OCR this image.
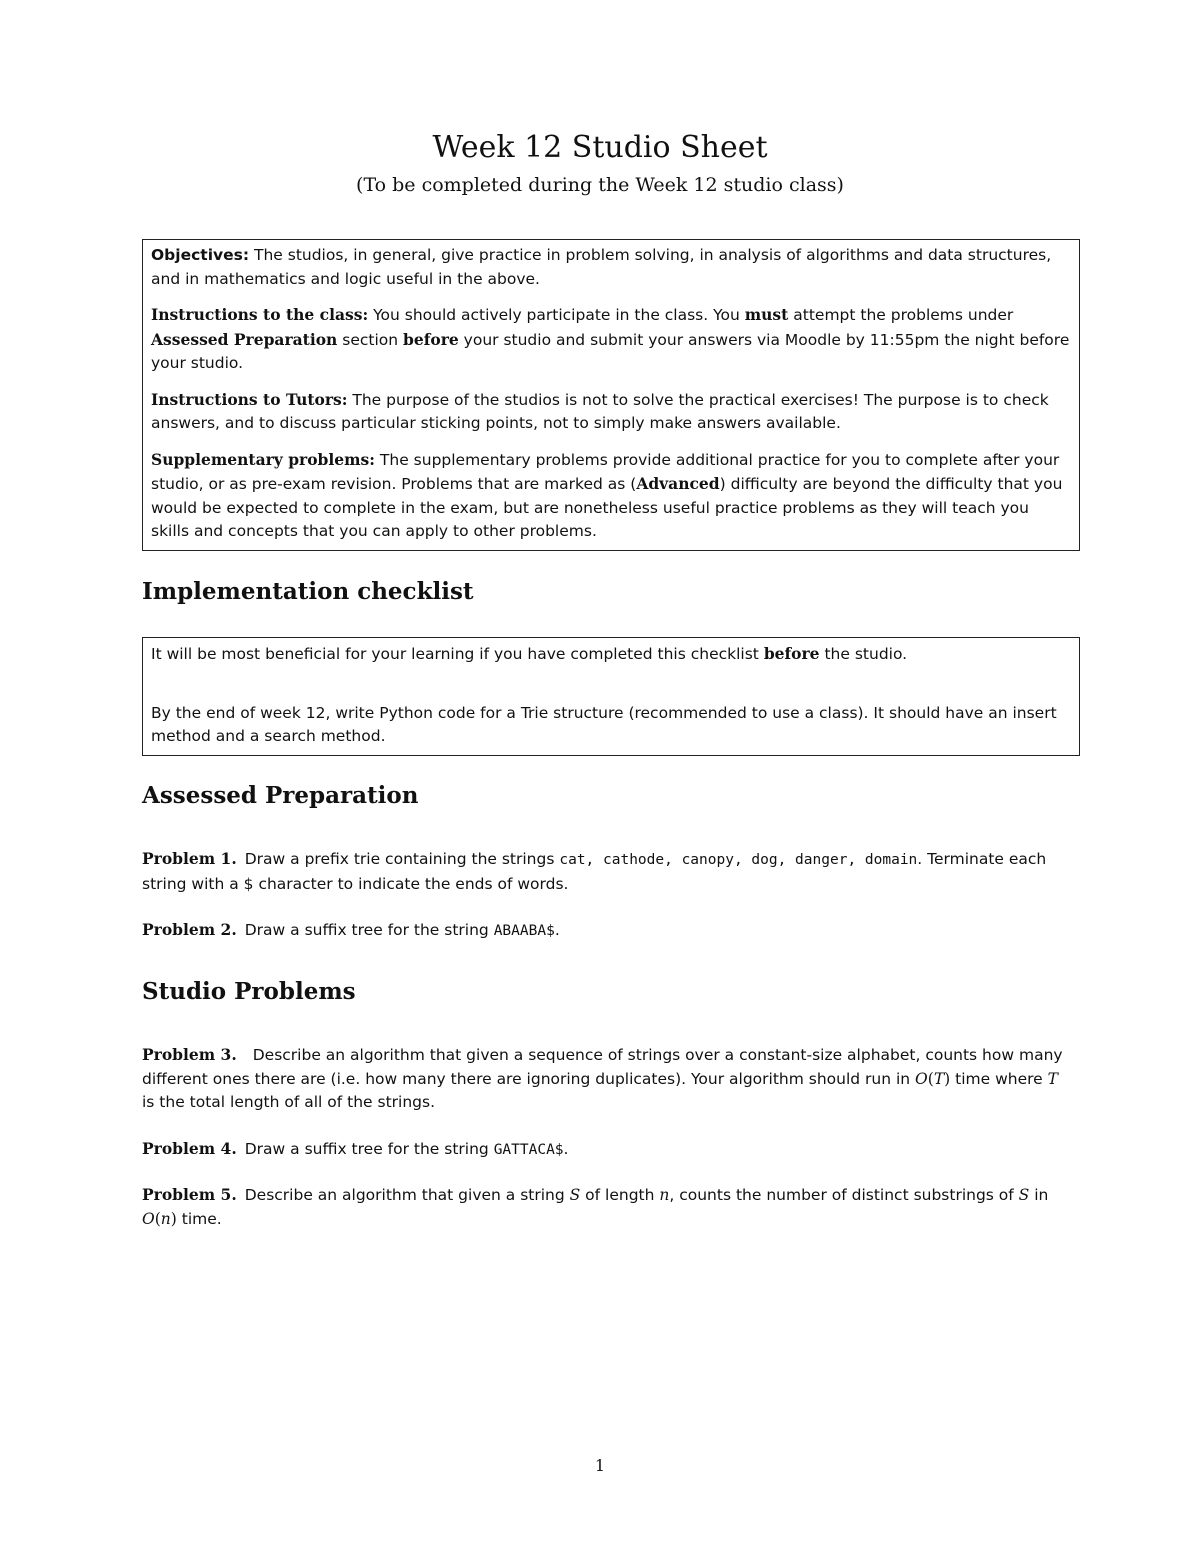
Week 12 Studio Sheet

(To be completed during the Week 12 studio class)

Objectives: The studios, in general, give practice in problem solving, in analysis of algorithms and data structures, and in mathematics and logic useful in the above.

Instructions to the class: You should actively participate in the class. You must attempt the problems under Assessed Preparation section before your studio and submit your answers via Moodle by 11:55pm the night before your studio.

Instructions to Tutors: The purpose of the studios is not to solve the practical exercises! The purpose is to check answers, and to discuss particular sticking points, not to simply make answers available.

Supplementary problems: The supplementary problems provide additional practice for you to complete after your studio, or as pre-exam revision. Problems that are marked as (Advanced) difficulty are beyond the difficulty that you would be expected to complete in the exam, but are nonetheless useful practice problems as they will teach you skills and concepts that you can apply to other problems.

Implementation checklist

It will be most beneficial for your learning if you have completed this checklist before the studio.

By the end of week 12, write Python code for a Trie structure (recommended to use a class). It should have an insert method and a search method.

Assessed Preparation

Problem 1. Draw a prefix trie containing the strings cat, cathode, canopy, dog, danger, domain. Terminate each string with a $ character to indicate the ends of words.

Problem 2. Draw a suffix tree for the string ABAABA$.

Studio Problems

Problem 3. Describe an algorithm that given a sequence of strings over a constant-size alphabet, counts how many different ones there are (i.e. how many there are ignoring duplicates). Your algorithm should run in O(T) time where T is the total length of all of the strings.

Problem 4. Draw a suffix tree for the string GATTACA$.

Problem 5. Describe an algorithm that given a string S of length n, counts the number of distinct substrings of S in O(n) time.

1
